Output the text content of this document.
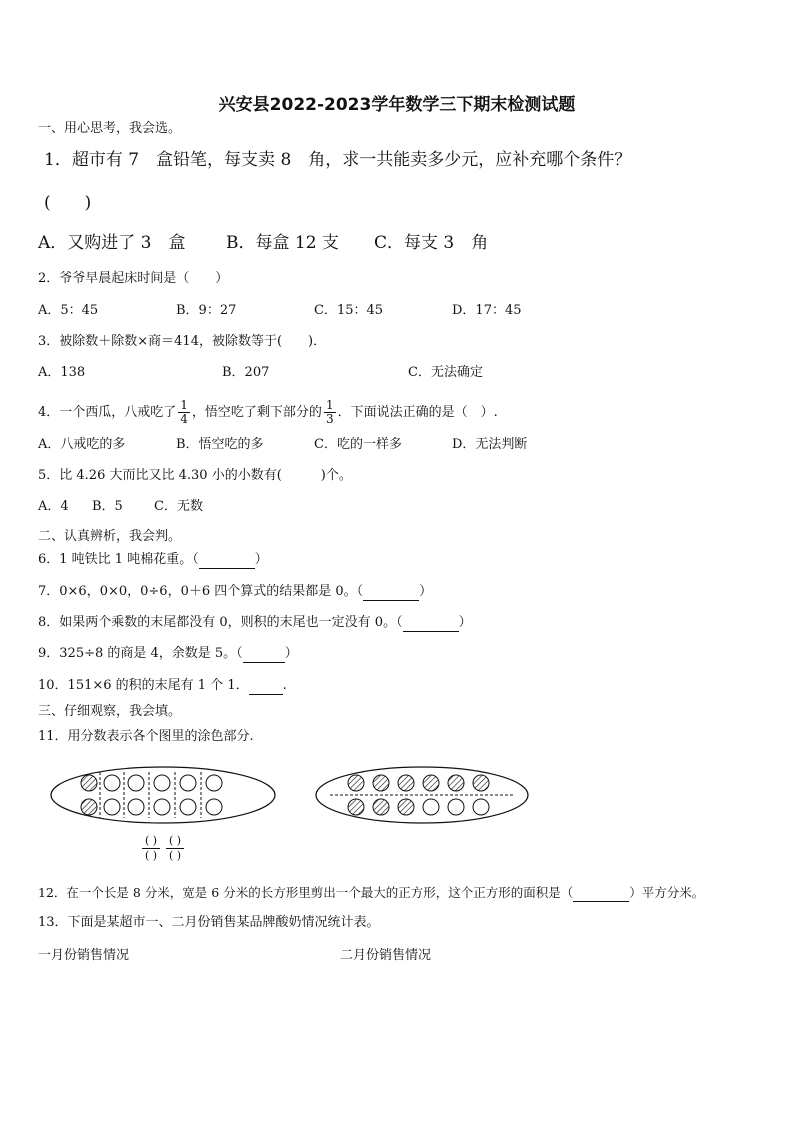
兴安县2022-2023学年数学三下期末检测试题
一、用心思考，我会选。
1．超市有 7　盒铅笔，每支卖 8　角，求一共能卖多少元，应补充哪个条件？
(　　)
A．又购进了 3　盒 B．每盒 12 支 C．每支 3　角
2．爷爷早晨起床时间是（　　）
A．5：45	B．9：27	C．15：45	D．17：45
3．被除数＋除数×商＝414，被除数等于(　　)．
A．138	B．207	C．无法确定
4．一个西瓜，八戒吃了 $\frac{1}{4}$ ，悟空吃了剩下部分的 $\frac{1}{3}$ ．下面说法正确的是（　）.
A．八戒吃的多	B．悟空吃的多	C．吃的一样多	D．无法判断
5．比 4.26 大而比又比 4.30 小的小数有(　　　)个。
A．4 B．5 C．无数
二、认真辨析，我会判。
6．1 吨铁比 1 吨棉花重。（	）
7．0×6，0×0，0÷6，0＋6 四个算式的结果都是 0。（	）
8．如果两个乘数的末尾都没有 0，则积的末尾也一定没有 0。（	）
9．325÷8 的商是 4，余数是 5。（	）
10．151×6 的积的末尾有 1 个 1．	.
三、仔细观察，我会填。
11．用分数表示各个图里的涂色部分.
( )
( )
( )
( )
12．在一个长是 8 分米，宽是 6 分米的长方形里剪出一个最大的正方形，这个正方形的面积是（	）平方分米。
13．下面是某超市一、二月份销售某品牌酸奶情况统计表。
一月份销售情况	二月份销售情况
